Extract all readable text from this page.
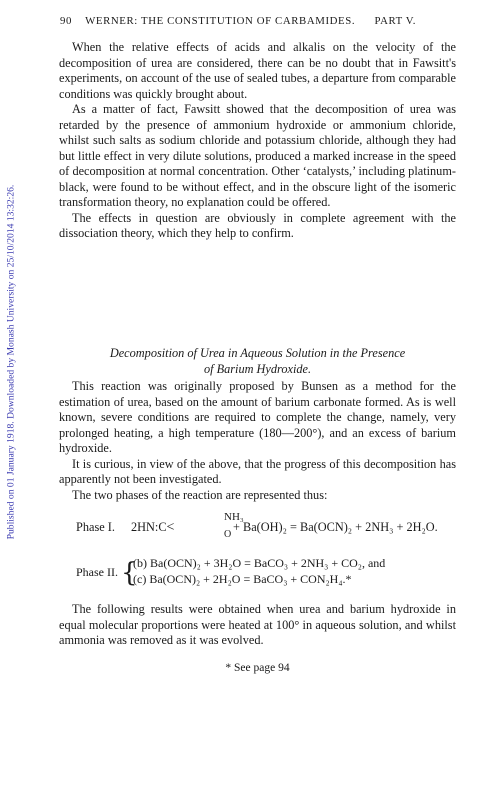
90 WERNER: THE CONSTITUTION OF CARBAMIDES. PART V.
Published on 01 January 1918. Downloaded by Monash University on 25/10/2014 13:32:26.

When the relative effects of acids and alkalis on the velocity of the decomposition of urea are considered, there can be no doubt that in Fawsitt's experiments, on account of the use of sealed tubes, a departure from comparable conditions was quickly brought about.

As a matter of fact, Fawsitt showed that the decomposition of urea was retarded by the presence of ammonium hydroxide or ammonium chloride, whilst such salts as sodium chloride and potassium chloride, although they had but little effect in very dilute solutions, produced a marked increase in the speed of decomposition at normal concentration. Other ‘catalysts,’ including platinum-black, were found to be without effect, and in the obscure light of the isomeric transformation theory, no explanation could be offered.

The effects in question are obviously in complete agreement with the dissociation theory, which they help to confirm.

Decomposition of Urea in Aqueous Solution in the Presence
of Barium Hydroxide.

This reaction was originally proposed by Bunsen as a method for the estimation of urea, based on the amount of barium carbonate formed. As is well known, severe conditions are required to complete the change, namely, very prolonged heating, a high temperature (180—200°), and an excess of barium hydroxide.

It is curious, in view of the above, that the progress of this decomposition has apparently not been investigated.

The two phases of the reaction are represented thus:

Phase I. 2HN:C<
NH₃
O
+ Ba(OH)₂ = Ba(OCN)₂ + 2NH₃ + 2H₂O.
Phase II. {
(b) Ba(OCN)₂ + 3H₂O = BaCO₃ + 2NH₃ + CO₂, and
(c) Ba(OCN)₂ + 2H₂O = BaCO₃ + CON₂H₄.*

The following results were obtained when urea and barium hydroxide in equal molecular proportions were heated at 100° in aqueous solution, and whilst ammonia was removed as it was evolved.

* See page 94
